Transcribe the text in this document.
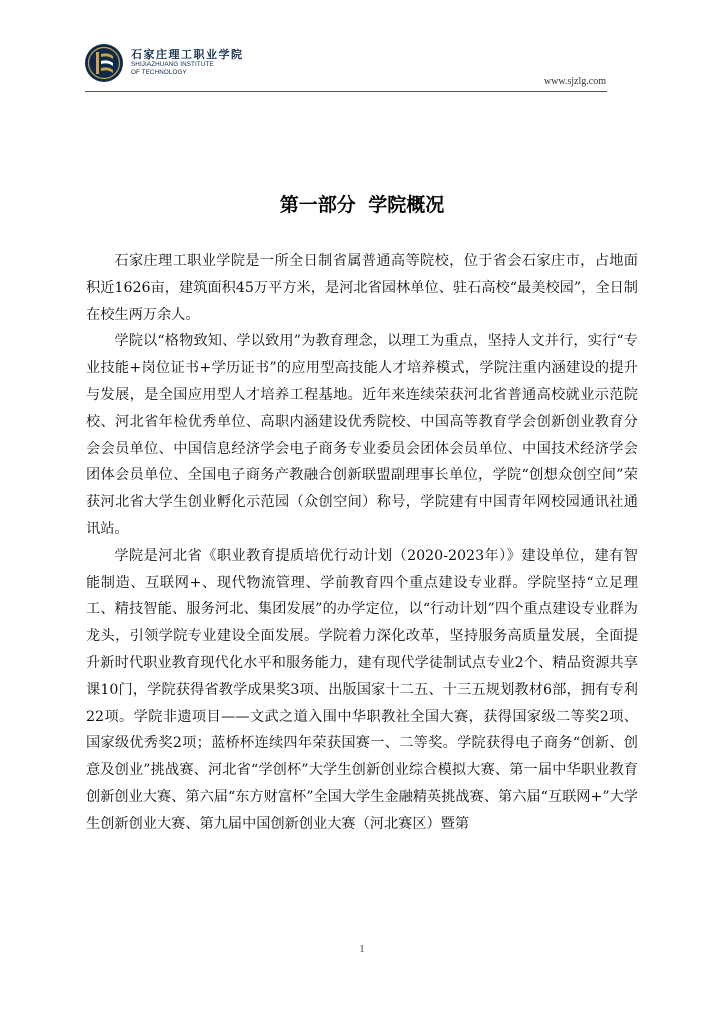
石家庄理工职业学院
SHIJIAZHUANG INSTITUTE
OF TECHNOLOGY
www.sjzlg.com
第一部分 学院概况

石家庄理工职业学院是一所全日制省属普通高等院校，位于省会石家庄市，占地面积近1626亩，建筑面积45万平方米，是河北省园林单位、驻石高校“最美校园”，全日制在校生两万余人。

学院以“格物致知、学以致用”为教育理念，以理工为重点，坚持人文并行，实行“专业技能+岗位证书+学历证书”的应用型高技能人才培养模式，学院注重内涵建设的提升与发展，是全国应用型人才培养工程基地。近年来连续荣获河北省普通高校就业示范院校、河北省年检优秀单位、高职内涵建设优秀院校、中国高等教育学会创新创业教育分会会员单位、中国信息经济学会电子商务专业委员会团体会员单位、中国技术经济学会团体会员单位、全国电子商务产教融合创新联盟副理事长单位，学院“创想众创空间”荣获河北省大学生创业孵化示范园（众创空间）称号，学院建有中国青年网校园通讯社通讯站。

学院是河北省《职业教育提质培优行动计划（2020-2023年）》建设单位，建有智能制造、互联网+、现代物流管理、学前教育四个重点建设专业群。学院坚持“立足理工、精技智能、服务河北、集团发展”的办学定位，以“行动计划”四个重点建设专业群为龙头，引领学院专业建设全面发展。学院着力深化改革，坚持服务高质量发展，全面提升新时代职业教育现代化水平和服务能力，建有现代学徒制试点专业2个、精品资源共享课10门，学院获得省教学成果奖3项、出版国家十二五、十三五规划教材6部，拥有专利22项。学院非遗项目——文武之道入围中华职教社全国大赛，获得国家级二等奖2项、国家级优秀奖2项；蓝桥杯连续四年荣获国赛一、二等奖。学院获得电子商务“创新、创意及创业”挑战赛、河北省“学创杯”大学生创新创业综合模拟大赛、第一届中华职业教育创新创业大赛、第六届“东方财富杯”全国大学生金融精英挑战赛、第六届“互联网+”大学生创新创业大赛、第九届中国创新创业大赛（河北赛区）暨第

1
